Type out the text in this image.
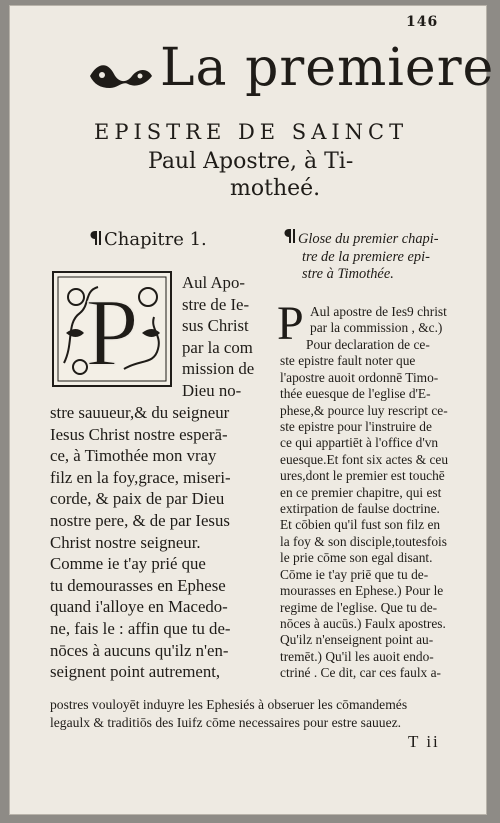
146
La premiere
EPISTRE DE SAINCT
Paul Apostre, à Ti-
motheé.
Chapitre 1.
P	Aul Apo-
stre de Ie-
sus Christ
par la com
mission de
Dieu no-
stre sauueur,& du seigneur
Iesus Christ nostre esperā-
ce, à Timothée mon vray
filz en la foy,grace, miseri-
corde, & paix de par Dieu
nostre pere, & de par Iesus
Christ nostre seigneur.
Comme ie t'ay prié que
tu demourasses en Ephese
quand i'alloye en Macedo-
ne, fais le : affin que tu de-
nōces à aucuns qu'ilz n'en-
seignent point autrement,
Glose du premier chapi-
tre de la premiere epi-
stre à Timothée.
P Aul apostre de Ies9 christ
par la commission , &c.)
Pour declaration de ce-
ste epistre fault noter que
l'apostre auoit ordonnē Timo-
thée euesque de l'eglise d'E-
phese,& pource luy rescript ce-
ste epistre pour l'instruire de
ce qui appartiēt à l'office d'vn
euesque.Et font six actes & ceu
ures,dont le premier est touchē
en ce premier chapitre, qui est
extirpation de faulse doctrine.
Et cōbien qu'il fust son filz en
la foy & son disciple,toutesfois
le prie cōme son egal disant.
Cōme ie t'ay priē que tu de-
mourasses en Ephese.) Pour le
regime de l'eglise. Que tu de-
nōces à aucūs.) Faulx apostres.
Qu'ilz n'enseignent point au-
tremēt.) Qu'il les auoit endo-
ctriné . Ce dit, car ces faulx a-
postres vouloyēt induyre les Ephesiés à obseruer les cōmandemés
legaulx & traditiōs des Iuifz cōme necessaires pour estre sauuez.
T ii
